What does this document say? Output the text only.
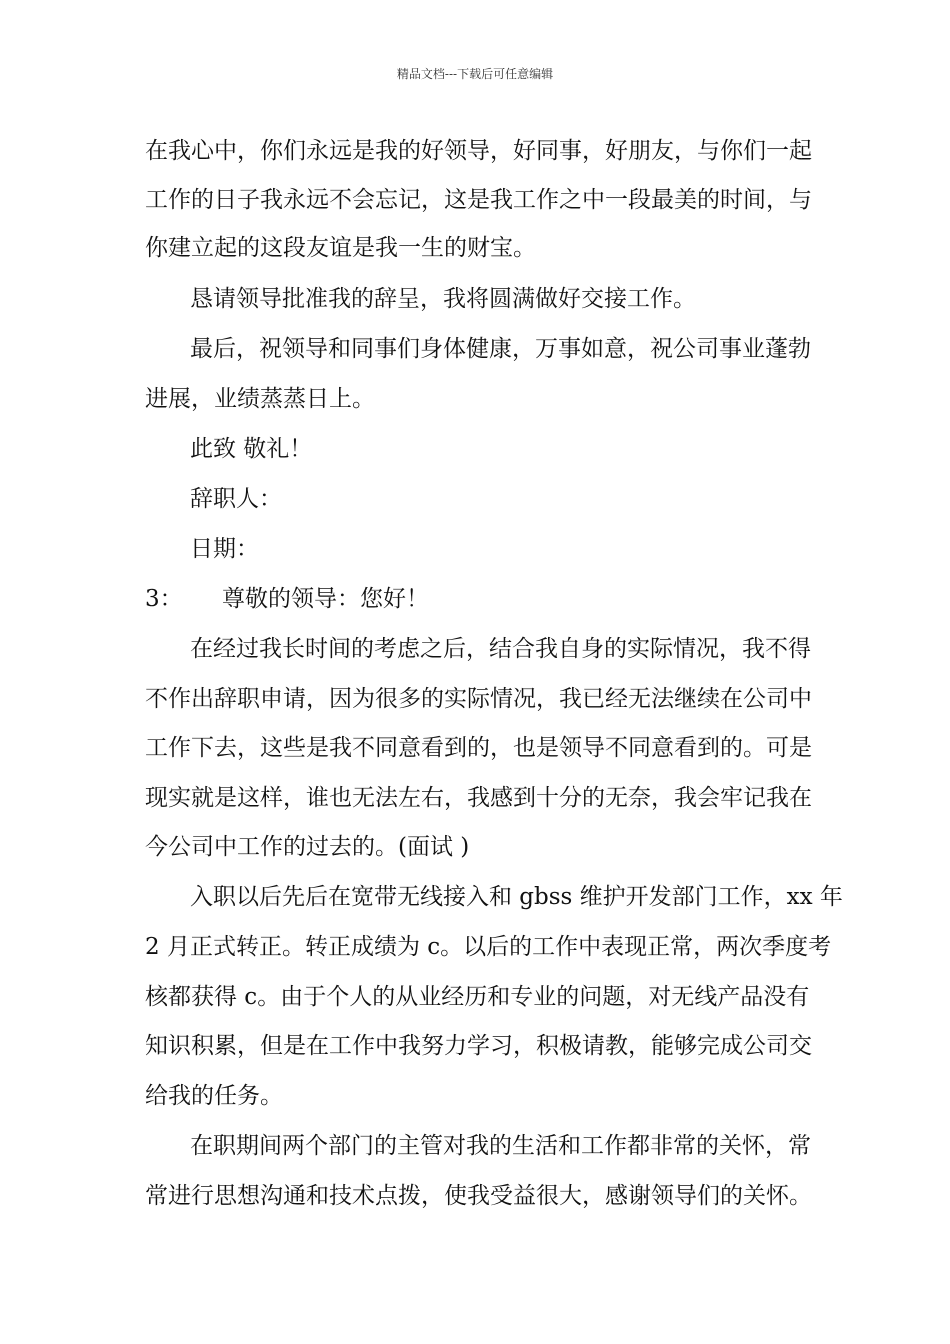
精品文档---下载后可任意编辑
在我心中，你们永远是我的好领导，好同事，好朋友，与你们一起
工作的日子我永远不会忘记，这是我工作之中一段最美的时间，与
你建立起的这段友谊是我一生的财宝。
恳请领导批准我的辞呈，我将圆满做好交接工作。
最后，祝领导和同事们身体健康，万事如意，祝公司事业蓬勃
进展，业绩蒸蒸日上。
此致 敬礼！
辞职人：
日期：
3： 尊敬的领导：您好！
在经过我长时间的考虑之后，结合我自身的实际情况，我不得
不作出辞职申请，因为很多的实际情况，我已经无法继续在公司中
工作下去，这些是我不同意看到的，也是领导不同意看到的。可是
现实就是这样，谁也无法左右，我感到十分的无奈，我会牢记我在
今公司中工作的过去的。(面试 )
入职以后先后在宽带无线接入和 gbss 维护开发部门工作，xx 年
2 月正式转正。转正成绩为 c。以后的工作中表现正常，两次季度考
核都获得 c。由于个人的从业经历和专业的问题，对无线产品没有
知识积累，但是在工作中我努力学习，积极请教，能够完成公司交
给我的任务。
在职期间两个部门的主管对我的生活和工作都非常的关怀，常
常进行思想沟通和技术点拨，使我受益很大，感谢领导们的关怀。
